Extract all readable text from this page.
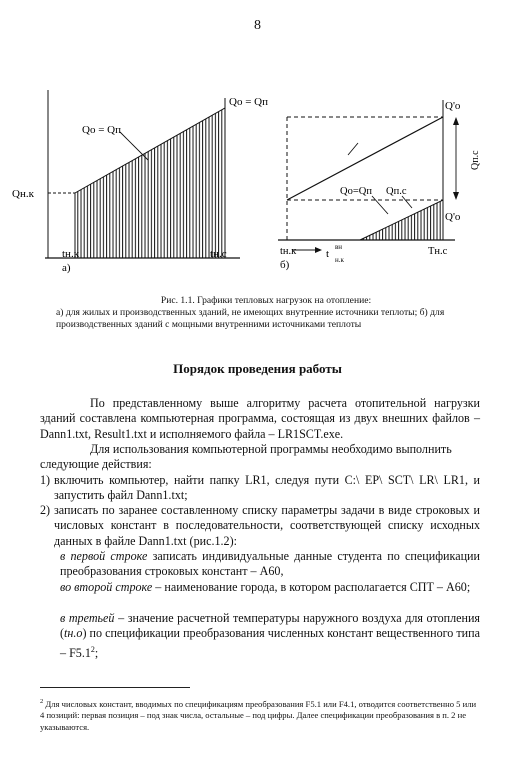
8
Qо = Qп
Qо = Qп
Qн.к
tн.к	tн.с
а)
Q'о
Qп.с
Q'о
Qо=Qп Qп.с
tн.к	t
вн
н.к
Тн.с
б)
Рис. 1.1. Графики тепловых нагрузок на отопление:
а) для жилых и производственных зданий, не имеющих внутренние источники теплоты; б) для производственных зданий с мощными внутренними источниками теплоты
Порядок проведения работы
По представленному выше алгоритму расчета отопительной нагрузки зданий составлена компьютерная программа, состоящая из двух внешних файлов – Dann1.txt, Result1.txt и исполняемого файла – LR1SCT.exe.
Для использования компьютерной программы необходимо выполнить следующие действия:
1) включить компьютер, найти папку LR1, следуя пути C:\ EP\ SCT\ LR\ LR1, и запустить файл Dann1.txt;
2) записать по заранее составленному списку параметры задачи в виде строковых и числовых констант в последовательности, соответствующей списку исходных данных в файле Dann1.txt (рис.1.2):
в первой строке записать индивидуальные данные студента по спецификации преобразования строковых констант – A60,
во второй строке – наименование города, в котором располагается СПТ – A60;
в третьей – значение расчетной температуры наружного воздуха для отопления (tн.о) по спецификации преобразования численных констант вещественного типа – $F5.1^2$;
$^2$ Для числовых констант, вводимых по спецификациям преобразования F5.1 или F4.1, отводится соответственно 5 или 4 позиций: первая позиция – под знак числа, остальные – под цифры. Далее спецификации преобразования в п. 2 не указываются.
